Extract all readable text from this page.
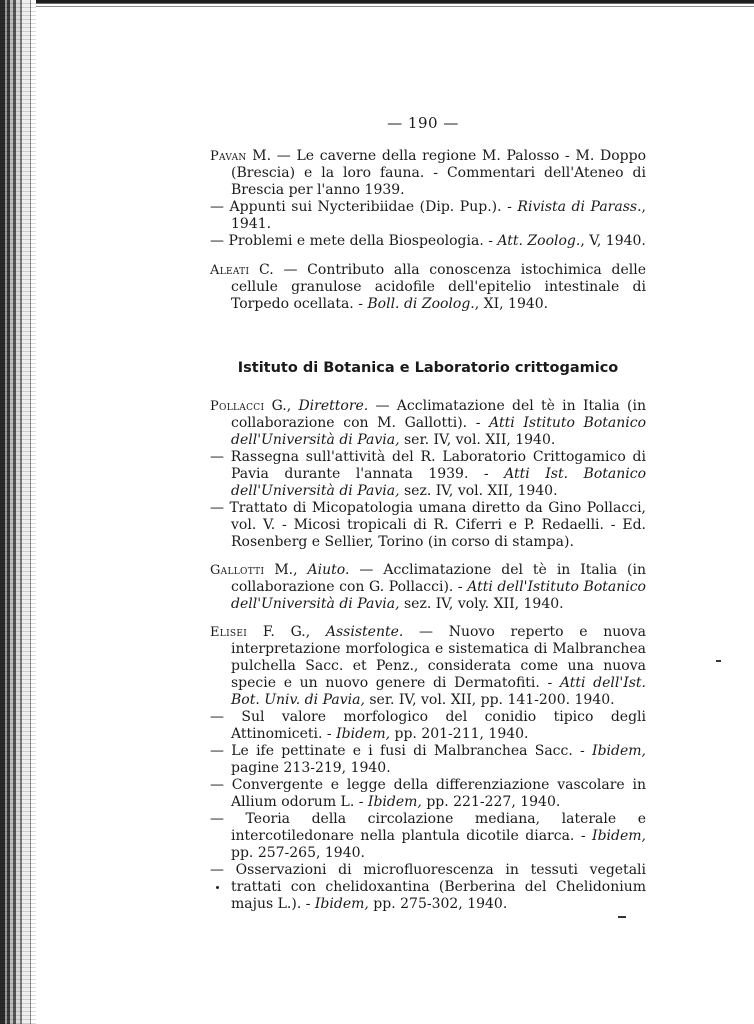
— 190 —

Pavan M. — Le caverne della regione M. Palosso - M. Doppo (Brescia) e la loro fauna. - Commentari dell'Ateneo di Brescia per l'anno 1939.

— Appunti sui Nycteribiidae (Dip. Pup.). - Rivista di Parass., 1941.

— Problemi e mete della Biospeologia. - Att. Zoolog., V, 1940.

Aleati C. — Contributo alla conoscenza istochimica delle cellule granulose acidofile dell'epitelio intestinale di Torpedo ocellata. - Boll. di Zoolog., XI, 1940.

Istituto di Botanica e Laboratorio crittogamico

Pollacci G., Direttore. — Acclimatazione del tè in Italia (in collaborazione con M. Gallotti). - Atti Istituto Botanico dell'Università di Pavia, ser. IV, vol. XII, 1940.

— Rassegna sull'attività del R. Laboratorio Crittogamico di Pavia durante l'annata 1939. - Atti Ist. Botanico dell'Università di Pavia, sez. IV, vol. XII, 1940.

— Trattato di Micopatologia umana diretto da Gino Pollacci, vol. V. - Micosi tropicali di R. Ciferri e P. Redaelli. - Ed. Rosenberg e Sellier, Torino (in corso di stampa).

Gallotti M., Aiuto. — Acclimatazione del tè in Italia (in collaborazione con G. Pollacci). - Atti dell'Istituto Botanico dell'Università di Pavia, sez. IV, voly. XII, 1940.

Elisei F. G., Assistente. — Nuovo reperto e nuova interpretazione morfologica e sistematica di Malbranchea pulchella Sacc. et Penz., considerata come una nuova specie e un nuovo genere di Dermatofiti. - Atti dell'Ist. Bot. Univ. di Pavia, ser. IV, vol. XII, pp. 141-200. 1940.

— Sul valore morfologico del conidio tipico degli Attinomiceti. - Ibidem, pp. 201-211, 1940.

— Le ife pettinate e i fusi di Malbranchea Sacc. - Ibidem, pagine 213-219, 1940.

— Convergente e legge della differenziazione vascolare in Allium odorum L. - Ibidem, pp. 221-227, 1940.

— Teoria della circolazione mediana, laterale e intercotiledonare nella plantula dicotile diarca. - Ibidem, pp. 257-265, 1940.

— Osservazioni di microfluorescenza in tessuti vegetali trattati con chelidoxantina (Berberina del Chelidonium majus L.). - Ibidem, pp. 275-302, 1940.
